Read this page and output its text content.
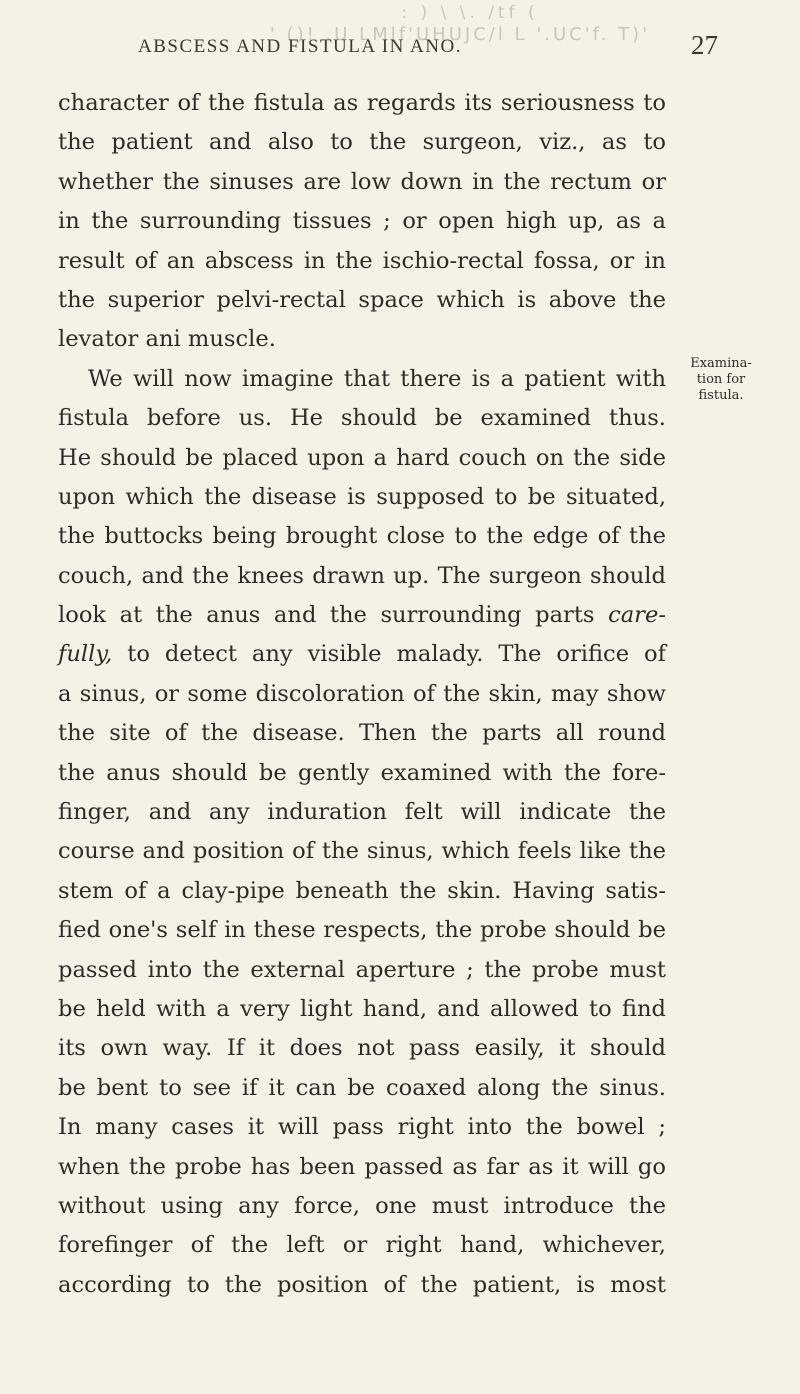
: ) \ \. /tf (
' ()! .U LMlf'UHUJC/l L '.UC'f. T)'
ABSCESS AND FISTULA IN ANO.	27
character of the fistula as regards its seriousness to
the patient and also to the surgeon, viz., as to
whether the sinuses are low down in the rectum or
in the surrounding tissues ; or open high up, as a
result of an abscess in the ischio-rectal fossa, or in
the superior pelvi-rectal space which is above the
levator ani muscle.
We will now imagine that there is a patient with
fistula before us. He should be examined thus.
He should be placed upon a hard couch on the side
upon which the disease is supposed to be situated,
the buttocks being brought close to the edge of the
couch, and the knees drawn up. The surgeon should
look at the anus and the surrounding parts care-
fully, to detect any visible malady. The orifice of
a sinus, or some discoloration of the skin, may show
the site of the disease. Then the parts all round
the anus should be gently examined with the fore-
finger, and any induration felt will indicate the
course and position of the sinus, which feels like the
stem of a clay-pipe beneath the skin. Having satis-
fied one's self in these respects, the probe should be
passed into the external aperture ; the probe must
be held with a very light hand, and allowed to find
its own way. If it does not pass easily, it should
be bent to see if it can be coaxed along the sinus.
In many cases it will pass right into the bowel ;
when the probe has been passed as far as it will go
without using any force, one must introduce the
forefinger of the left or right hand, whichever,
according to the position of the patient, is most
Examina-
tion for
fistula.
